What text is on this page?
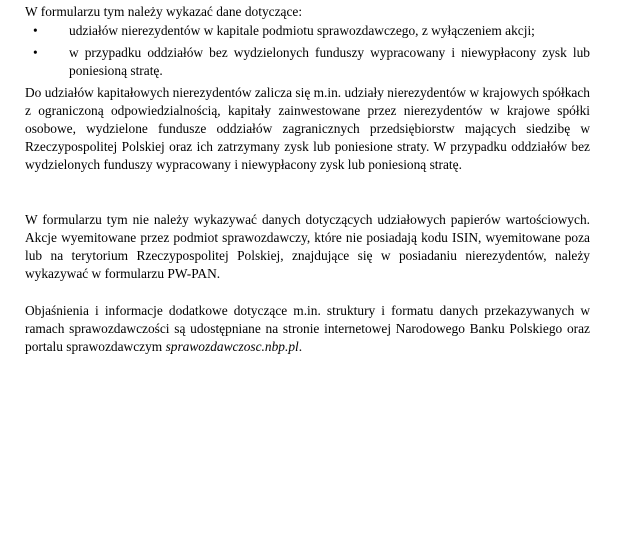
W formularzu tym należy wykazać dane dotyczące:

• udziałów nierezydentów w kapitale podmiotu sprawozdawczego, z wyłączeniem akcji;
• w przypadku oddziałów bez wydzielonych funduszy wypracowany i niewypłacony zysk lub poniesioną stratę.

Do udziałów kapitałowych nierezydentów zalicza się m.in. udziały nierezydentów w krajowych spółkach z ograniczoną odpowiedzialnością, kapitały zainwestowane przez nierezydentów w krajowe spółki osobowe, wydzielone fundusze oddziałów zagranicznych przedsiębiorstw mających siedzibę w Rzeczypospolitej Polskiej oraz ich zatrzymany zysk lub poniesione straty. W przypadku oddziałów bez wydzielonych funduszy wypracowany i niewypłacony zysk lub poniesioną stratę.

W formularzu tym nie należy wykazywać danych dotyczących udziałowych papierów wartościowych. Akcje wyemitowane przez podmiot sprawozdawczy, które nie posiadają kodu ISIN, wyemitowane poza lub na terytorium Rzeczypospolitej Polskiej, znajdujące się w posiadaniu nierezydentów, należy wykazywać w formularzu PW-PAN.

Objaśnienia i informacje dodatkowe dotyczące m.in. struktury i formatu danych przekazywanych w ramach sprawozdawczości są udostępniane na stronie internetowej Narodowego Banku Polskiego oraz portalu sprawozdawczym sprawozdawczosc.nbp.pl.
